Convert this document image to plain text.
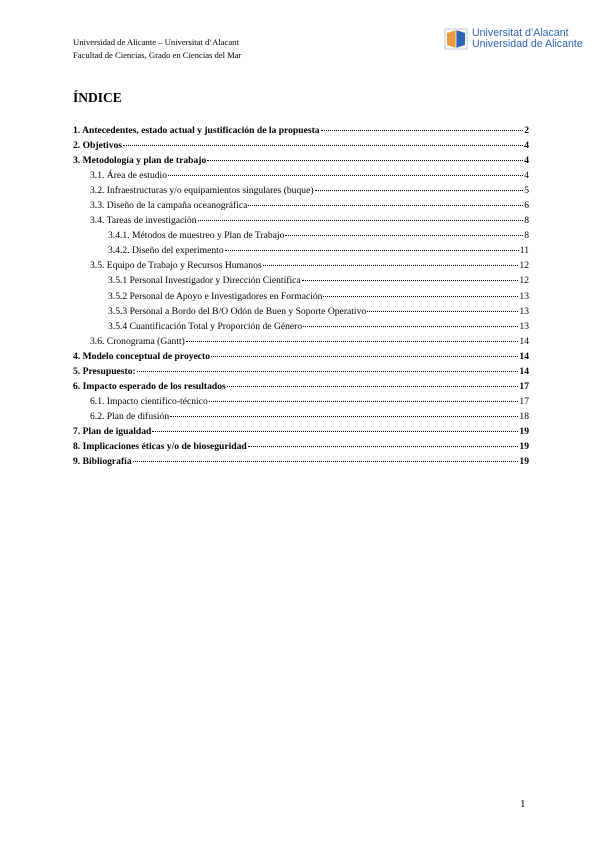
Universidad de Alicante – Universitat d’Alacant
Facultad de Ciencias, Grado en Ciencias del Mar
Universitat d’Alacant
Universidad de Alicante
ÍNDICE
1. Antecedentes, estado actual y justificación de la propuesta	2
2. Objetivos	4
3. Metodología y plan de trabajo	4
3.1. Área de estudio	4
3.2. Infraestructuras y/o equipamientos singulares (buque)	5
3.3. Diseño de la campaña oceanográfica	6
3.4. Tareas de investigación	8
3.4.1. Métodos de muestreo y Plan de Trabajo	8
3.4.2. Diseño del experimento	11
3.5. Equipo de Trabajo y Recursos Humanos	12
3.5.1 Personal Investigador y Dirección Científica	12
3.5.2 Personal de Apoyo e Investigadores en Formación	13
3.5.3 Personal a Bordo del B/O Odón de Buen y Soporte Operativo	13
3.5.4 Cuantificación Total y Proporción de Género	13
3.6. Cronograma (Gantt)	14
4. Modelo conceptual de proyecto	14
5. Presupuesto:	14
6. Impacto esperado de los resultados	17
6.1. Impacto científico-técnico	17
6.2. Plan de difusión	18
7. Plan de igualdad	19
8. Implicaciones éticas y/o de bioseguridad	19
9. Bibliografía	19
1
